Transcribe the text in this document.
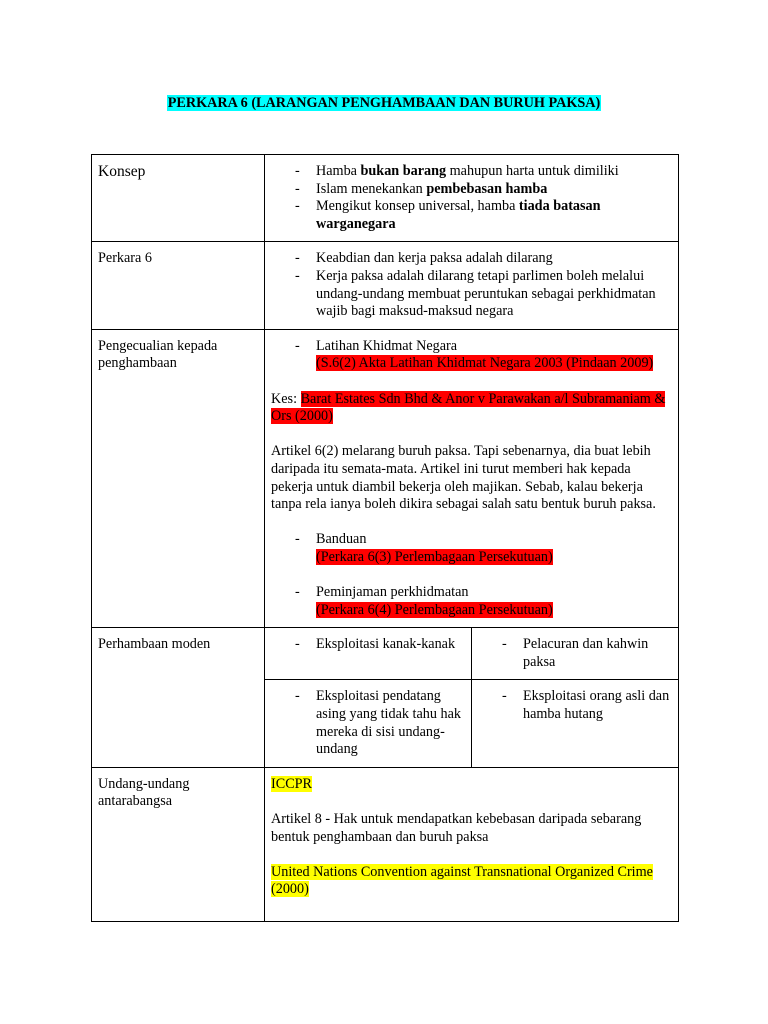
PERKARA 6 (LARANGAN PENGHAMBAAN DAN BURUH PAKSA)
Konsep	
-Hamba bukan barang mahupun harta untuk dimiliki
- Islam menekankan pembebasan hamba
- Mengikut konsep universal, hamba tiada batasan warganegara

Perkara 6	
-Keabdian dan kerja paksa adalah dilarang
- Kerja paksa adalah dilarang tetapi parlimen boleh melalui undang-undang membuat peruntukan sebagai perkhidmatan wajib bagi maksud-maksud negara

Pengecualian kepada penghambaan	
- Latihan Khidmat Negara
(S.6(2) Akta Latihan Khidmat Negara 2003 (Pindaan 2009)

Kes: Barat Estates Sdn Bhd & Anor v Parawakan a/l Subramaniam & Ors (2000)

Artikel 6(2) melarang buruh paksa. Tapi sebenarnya, dia buat lebih daripada itu semata-mata. Artikel ini turut memberi hak kepada pekerja untuk diambil bekerja oleh majikan. Sebab, kalau bekerja tanpa rela ianya boleh dikira sebagai salah satu bentuk buruh paksa.

- Banduan
(Perkara 6(3) Perlembagaan Persekutuan)
- Peminjaman perkhidmatan
(Perkara 6(4) Perlembagaan Persekutuan)

Perhambaan moden	
-	Eksploitasi kanak-kanak

-Pelacuran dan kahwin paksa

- Eksploitasi pendatang asing yang tidak tahu hak mereka di sisi undang-undang

- Eksploitasi orang asli dan hamba hutang

Undang-undang antarabangsa	

ICCPR

Artikel 8 - Hak untuk mendapatkan kebebasan daripada sebarang bentuk penghambaan dan buruh paksa

United Nations Convention against Transnational Organized Crime (2000)
